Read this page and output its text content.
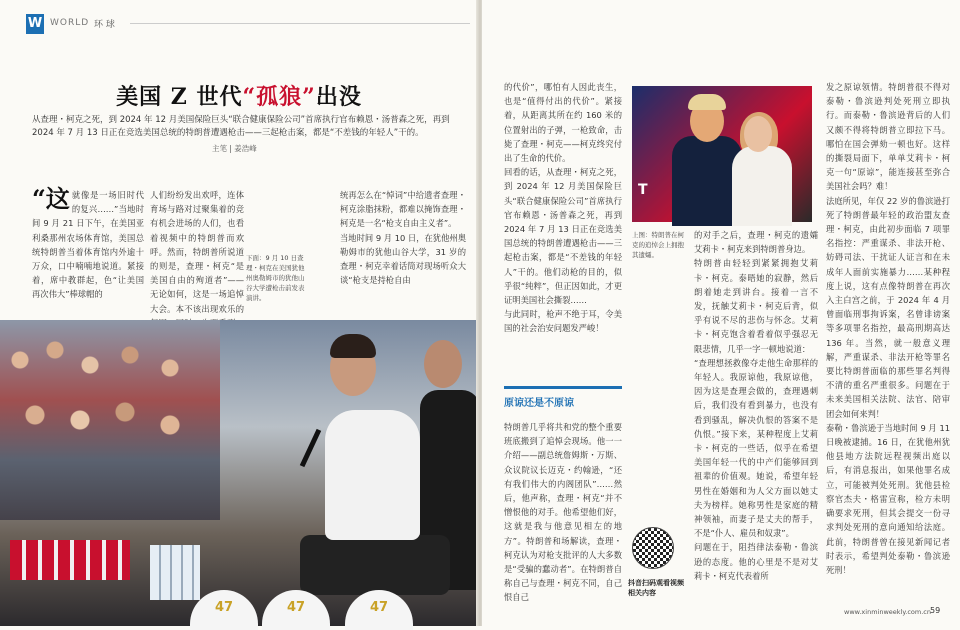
W WORLD 环 球
美国 Z 世代“孤狼”出没
从查理・柯克之死，到 2024 年 12 月美国保险巨头“联合健康保险公司”首席执行官布赖恩・汤普森之死，再到 2024 年 7 月 13 日正在竞选美国总统的特朗普遭遇枪击——三起枪击案，都是“不差钱的年轻人”干的。
主笔 | 姜浩峰
“这就像是一场旧时代的复兴……”当地时间 9 月 21 日下午，在美国亚利桑那州农场体育馆，美国总统特朗普当着体育馆内外逾十万众，口中喃喃地说道。紧接着，席中教群起，色“让美国再次伟大”棒球帽的
人们纷纷发出欢呼，连体育场与路对过聚集着的竞有机会进场的人们，也看着视频中的特朗普而欢呼。然而，特朗普所说道的则是，查理・柯克“是美国自由的殉道者”——无论如何，这是一场追悼大会。本不该出现欢乐的
下面：9 月 10 日查理・柯克在美国犹他州奥勒姆市的犹他山谷大学遭枪击前发表演讲。
统再怎么在“悼词”中给遗者查理・柯克涂脂抹粉，都难以掩饰查理・柯克是一名“枪支自由主义者”。
当地时间 9 月 10 日，在犹他州奥勒姆市的犹他山谷大学，31 岁的查理・柯克幸着话筒对现场听众大谈“枪支是持枪自由
47	47	47
的代价”，哪怕有人因此丧生，也是“值得付出的代价”。紧接着，从距离其所在约 160 米的位置射出的子弹，一枪致命，击毙了查理・柯克——柯克终究付出了生命的代价。
回看的话，从查理・柯克之死，到 2024 年 12 月美国保险巨头“联合健康保险公司”首席执行官布赖恩・汤普森之死，再到 2024 年 7 月 13 日正在竞选美国总统的特朗普遭遇枪击——三起枪击案，都是“不差钱的年轻人”干的。他们动枪的目的，似乎很“纯粹”，但正因如此，才更证明美国社会撕裂……
与此同时，枪声不绝于耳，令美国的社会治安问题发严峻！
原谅还是不原谅
特朗普几乎将共和党的整个重要班底搬到了追悼会现场。他一一介绍——副总统詹姆斯・万斯、众议院议长迈克・约翰逊，“还有我们伟大的内阁团队”……然后，他声称，查理・柯克“并不憎恨他的对手。他希望他们好，这就是我与他意见相左的地方”。特朗普和场解读，查理・柯克认为对枪支批评的人大多数是“受骗的蠢动者”。在特朗普自称自己与查理・柯克不同，自己恨自己
T
上图：特朗普在柯克的追悼会上拥抱其遗孀。
的对手之后，查理・柯克的遗孀艾莉卡・柯克来到特朗普身边。
特朗普由轻轻到紧紧拥抱艾莉卡・柯克。泰晤她的寂静，然后朗着她走到讲台。接着一言不发，抚触艾莉卡・柯克后背，似乎有说不尽的悲伤与怀念。艾莉卡・柯克饱含着看着似乎强忍无限悲情，几乎一字一顿地说道：
“查理想拯救像夺走他生命那样的年轻人。我原谅他，我原谅他，因为这是查理会做的，查理遇刺后，我们没有看到暴力，也没有看到骚乱，解决仇恨的答案不是仇恨。”接下来，某种程度上艾莉卡・柯克的一些话，似乎在希望美国年轻一代的中产们能够回到祖辈的价值观。她说，希望年轻男性在婚姻和为人父方面以她丈夫为榜样。她称男性是家庭的精神领袖，而妻子是丈夫的帮手，不是“仆人、雇员和奴隶”。
问题在于，阻挡律法泰勒・鲁滨逊的态度。他的心里是不是对艾莉卡・柯克代表着所
抖音扫码观看视频相关内容
发之原谅领情。特朗普很不得对泰勒・鲁滨逊判处死刑立即执行。而泰勒・鲁滨逊背后的人们又颇不得将特朗普立即拉下马。哪怕在国会弹劾一顿也好。这样的撕裂局面下，单单艾莉卡・柯克一句“原谅”，能连接甚至弥合美国社会吗？难！
法庭所见，年仅 22 岁的鲁滨逊打死了特朗普最年轻的政治盟友查理・柯克，由此初步面临 7 项罪名指控：严重谋杀、非法开枪、妨碍司法、干扰证人证言和在未成年人面前实施暴力……某种程度上说，这有点像特朗普在再次入主白宫之前，于 2024 年 4 月曾面临刑事拘诉案，名曾诽谤案等多项罪名指控，最高刑期高达 136 年。当然，就一般意义理解，严重谋杀、非法开枪等罪名要比特朗普面临的那些罪名判得不清的重名严重很多。问题在于未来美国相关法院、法官、陪审团会如何来判！
泰勒・鲁滨逊于当地时间 9 月 11 日晚被逮捕。16 日，在犹他州犹他县地方法院远程视频出庭以后，有消息报出，如果他罪名成立，可能被判处死刑。犹他县检察官杰夫・格雷宣称，检方未明确要求死刑，但其会提交一份寻求判处死刑的意向通知给法庭。此前，特朗普曾在接见新闻记者时表示，希望判处泰勒・鲁滨逊死刑！
www.xinminweekly.com.cn 59
